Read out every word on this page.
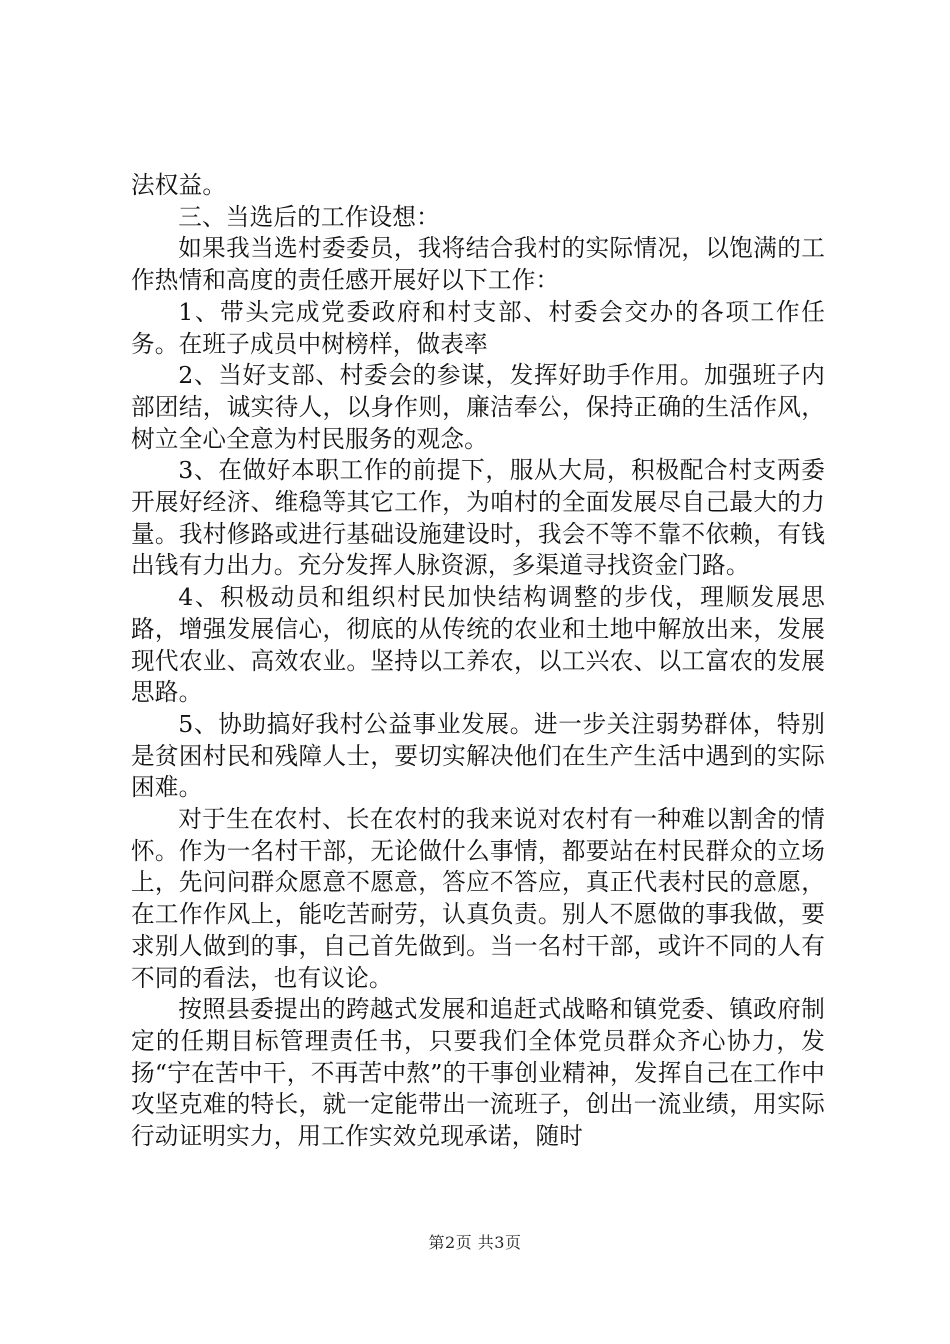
法权益。

三、当选后的工作设想：

如果我当选村委委员，我将结合我村的实际情况，以饱满的工作热情和高度的责任感开展好以下工作：

1、带头完成党委政府和村支部、村委会交办的各项工作任务。在班子成员中树榜样，做表率

2、当好支部、村委会的参谋，发挥好助手作用。加强班子内部团结，诚实待人，以身作则，廉洁奉公，保持正确的生活作风，树立全心全意为村民服务的观念。

3、在做好本职工作的前提下，服从大局，积极配合村支两委开展好经济、维稳等其它工作，为咱村的全面发展尽自己最大的力量。我村修路或进行基础设施建设时，我会不等不靠不依赖，有钱出钱有力出力。充分发挥人脉资源，多渠道寻找资金门路。

4、积极动员和组织村民加快结构调整的步伐，理顺发展思路，增强发展信心，彻底的从传统的农业和土地中解放出来，发展现代农业、高效农业。坚持以工养农，以工兴农、以工富农的发展思路。

5、协助搞好我村公益事业发展。进一步关注弱势群体，特别是贫困村民和残障人士，要切实解决他们在生产生活中遇到的实际困难。

对于生在农村、长在农村的我来说对农村有一种难以割舍的情怀。作为一名村干部，无论做什么事情，都要站在村民群众的立场上，先问问群众愿意不愿意，答应不答应，真正代表村民的意愿，在工作作风上，能吃苦耐劳，认真负责。别人不愿做的事我做，要求别人做到的事，自己首先做到。当一名村干部，或许不同的人有不同的看法，也有议论。

按照县委提出的跨越式发展和追赶式战略和镇党委、镇政府制定的任期目标管理责任书，只要我们全体党员群众齐心协力，发扬“宁在苦中干，不再苦中熬”的干事创业精神，发挥自己在工作中攻坚克难的特长，就一定能带出一流班子，创出一流业绩，用实际行动证明实力，用工作实效兑现承诺，随时

第2页 共3页
